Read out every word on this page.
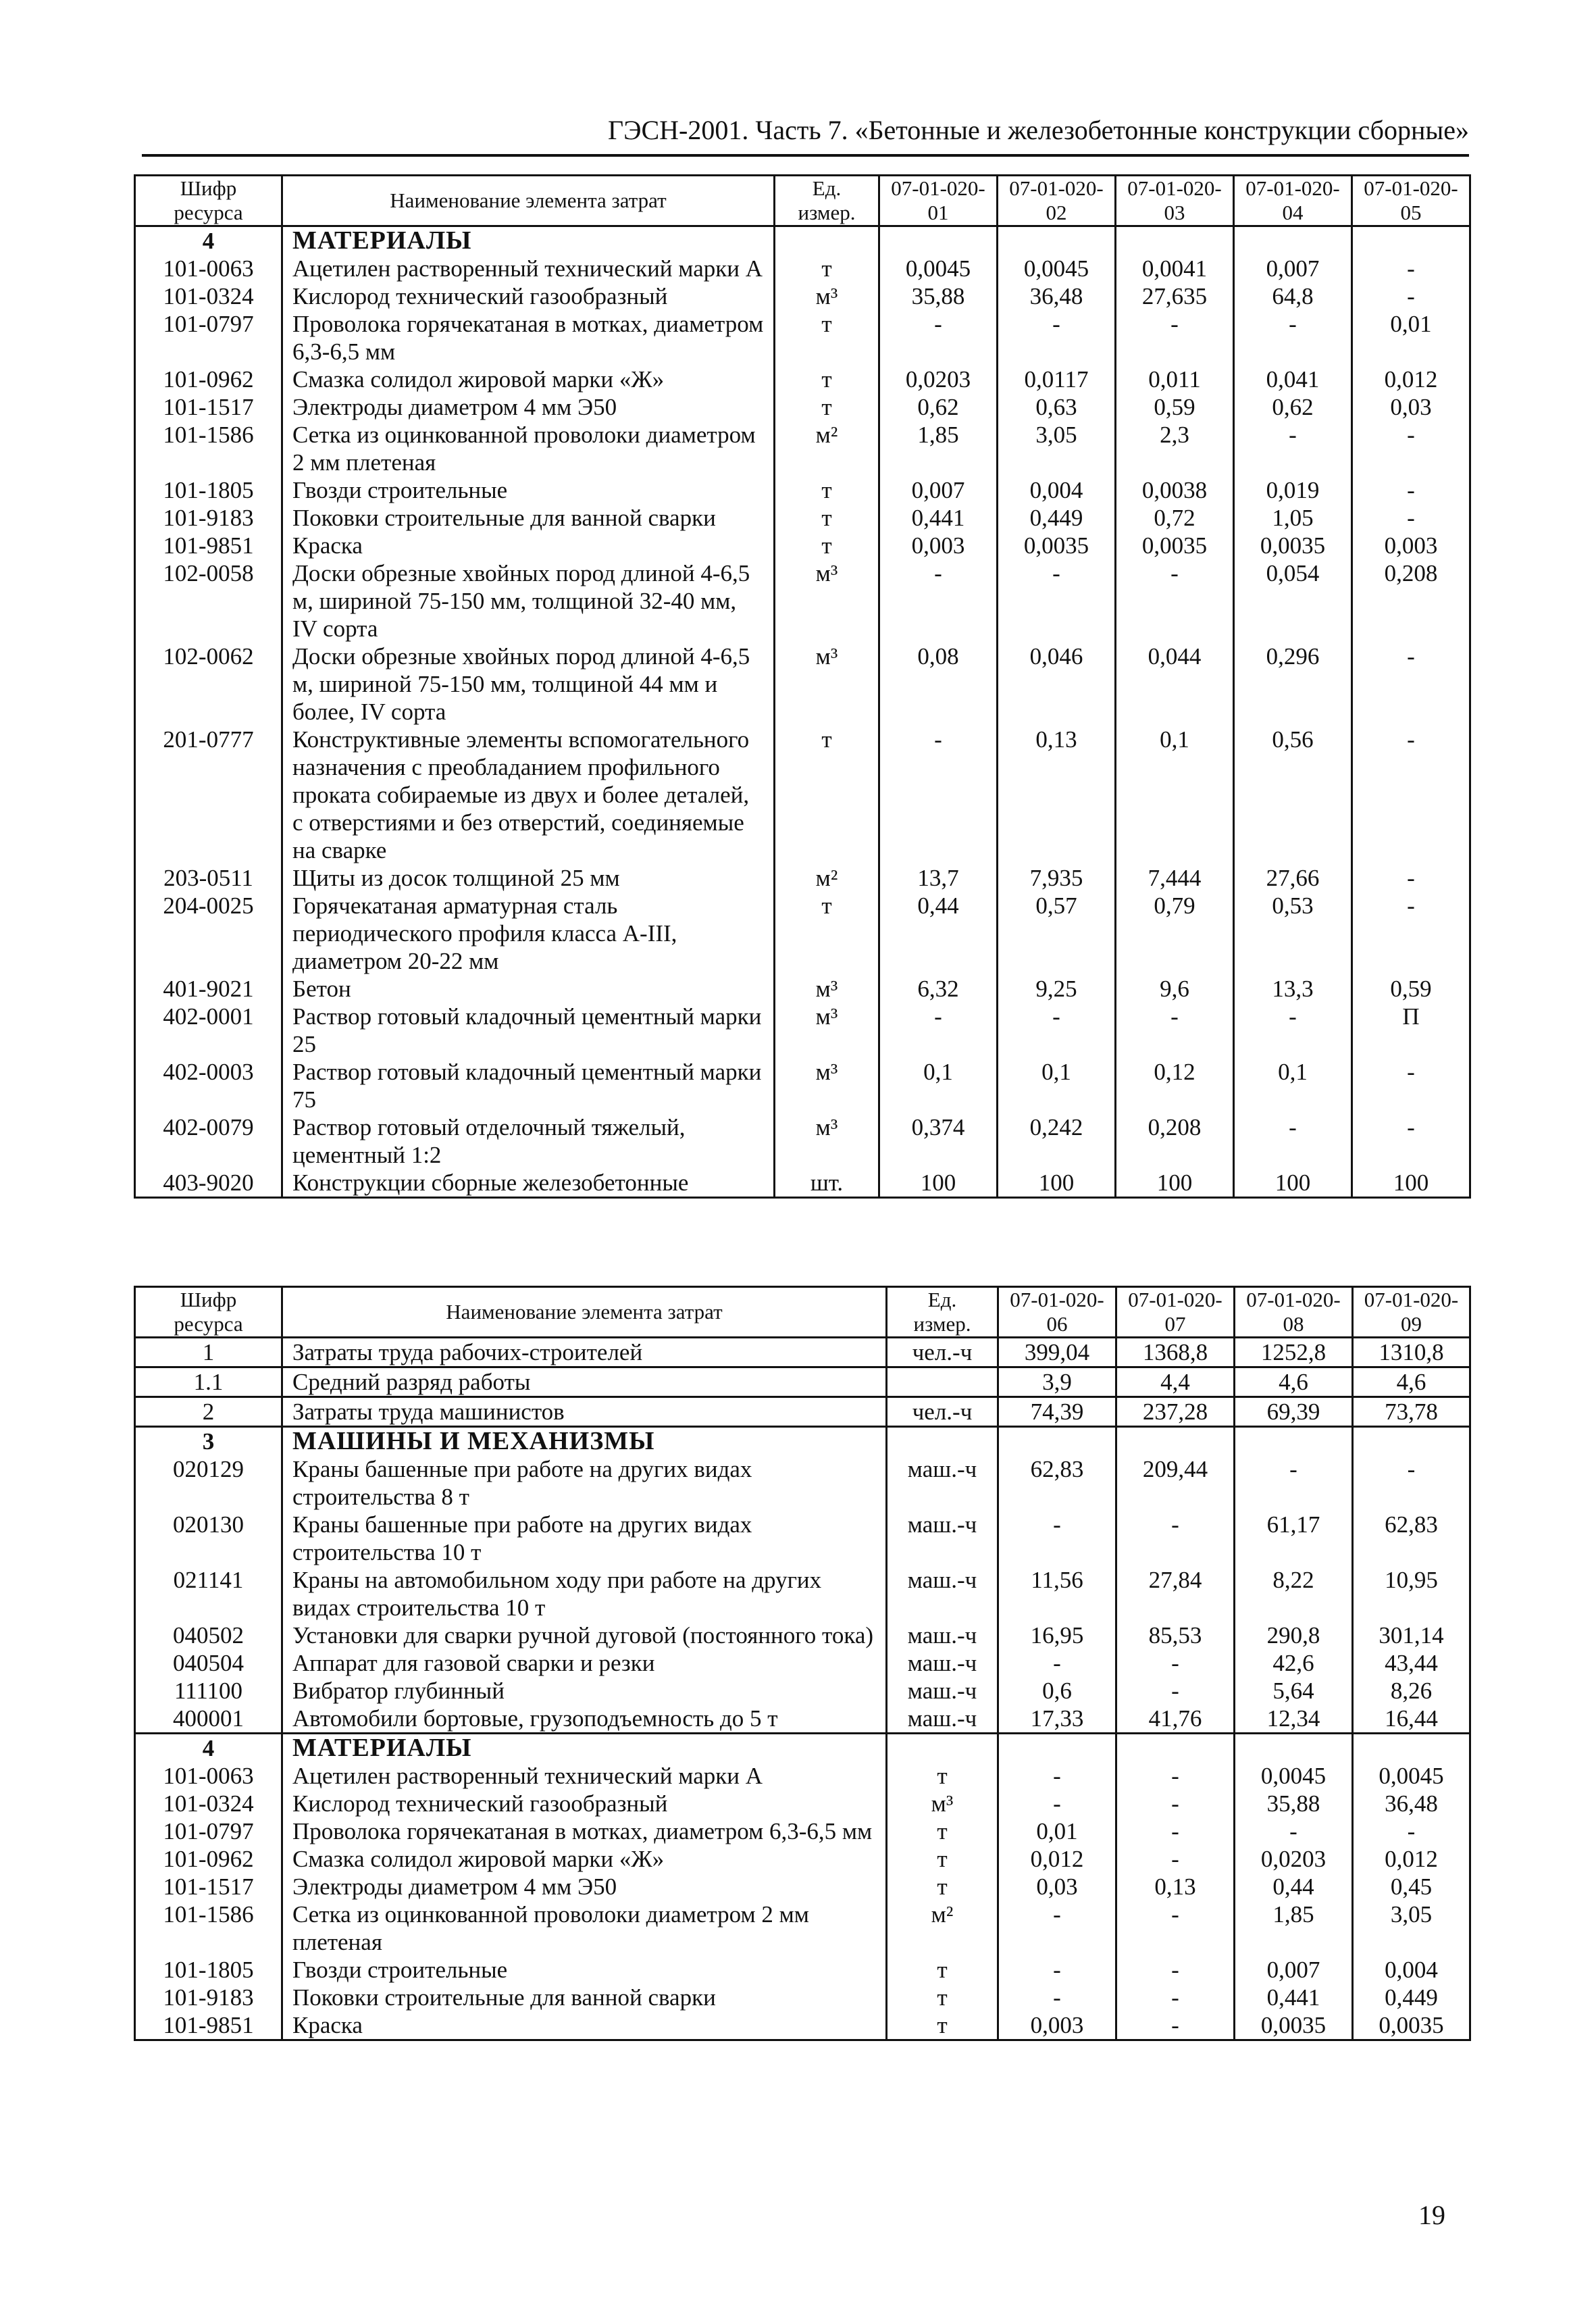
ГЭСН-2001. Часть 7. «Бетонные и железобетонные конструкции сборные»
Шифр ресурса	Наименование элемента затрат	Ед. измер.	07-01-020-01	07-01-020-02	07-01-020-03	07-01-020-04	07-01-020-05
4	МАТЕРИАЛЫ						
101-0063	Ацетилен растворенный технический марки А	т	0,0045	0,0045	0,0041	0,007	-
101-0324	Кислород технический газообразный	м³	35,88	36,48	27,635	64,8	-
101-0797	Проволока горячекатаная в мотках, диаметром 6,3-6,5 мм	т	-	-	-	-	0,01
101-0962	Смазка солидол жировой марки «Ж»	т	0,0203	0,0117	0,011	0,041	0,012
101-1517	Электроды диаметром 4 мм Э50	т	0,62	0,63	0,59	0,62	0,03
101-1586	Сетка из оцинкованной проволоки диаметром 2 мм плетеная	м²	1,85	3,05	2,3	-	-
101-1805	Гвозди строительные	т	0,007	0,004	0,0038	0,019	-
101-9183	Поковки строительные для ванной сварки	т	0,441	0,449	0,72	1,05	-
101-9851	Краска	т	0,003	0,0035	0,0035	0,0035	0,003
102-0058	Доски обрезные хвойных пород длиной 4-6,5 м, шириной 75-150 мм, толщиной 32-40 мм, IV сорта	м³	-	-	-	0,054	0,208
102-0062	Доски обрезные хвойных пород длиной 4-6,5 м, шириной 75-150 мм, толщиной 44 мм и более, IV сорта	м³	0,08	0,046	0,044	0,296	-
201-0777	Конструктивные элементы вспомогательного назначения с преобладанием профильного проката собираемые из двух и более деталей, с отверстиями и без отверстий, соединяемые на сварке	т	-	0,13	0,1	0,56	-
203-0511	Щиты из досок толщиной 25 мм	м²	13,7	7,935	7,444	27,66	-
204-0025	Горячекатаная арматурная сталь периодического профиля класса A-III, диаметром 20-22 мм	т	0,44	0,57	0,79	0,53	-
401-9021	Бетон	м³	6,32	9,25	9,6	13,3	0,59
402-0001	Раствор готовый кладочный цементный марки 25	м³	-	-	-	-	П
402-0003	Раствор готовый кладочный цементный марки 75	м³	0,1	0,1	0,12	0,1	-
402-0079	Раствор готовый отделочный тяжелый, цементный 1:2	м³	0,374	0,242	0,208	-	-
403-9020	Конструкции сборные железобетонные	шт.	100	100	100	100	100
Шифр ресурса	Наименование элемента затрат	Ед. измер.	07-01-020-06	07-01-020-07	07-01-020-08	07-01-020-09
1	Затраты труда рабочих-строителей	чел.-ч	399,04	1368,8	1252,8	1310,8
1.1	Средний разряд работы		3,9	4,4	4,6	4,6
2	Затраты труда машинистов	чел.-ч	74,39	237,28	69,39	73,78
3	МАШИНЫ И МЕХАНИЗМЫ					
020129	Краны башенные при работе на других видах строительства 8 т	маш.-ч	62,83	209,44	-	-
020130	Краны башенные при работе на других видах строительства 10 т	маш.-ч	-	-	61,17	62,83
021141	Краны на автомобильном ходу при работе на других видах строительства 10 т	маш.-ч	11,56	27,84	8,22	10,95
040502	Установки для сварки ручной дуговой (постоянного тока)	маш.-ч	16,95	85,53	290,8	301,14
040504	Аппарат для газовой сварки и резки	маш.-ч	-	-	42,6	43,44
111100	Вибратор глубинный	маш.-ч	0,6	-	5,64	8,26
400001	Автомобили бортовые, грузоподъемность до 5 т	маш.-ч	17,33	41,76	12,34	16,44
4	МАТЕРИАЛЫ					
101-0063	Ацетилен растворенный технический марки А	т	-	-	0,0045	0,0045
101-0324	Кислород технический газообразный	м³	-	-	35,88	36,48
101-0797	Проволока горячекатаная в мотках, диаметром 6,3-6,5 мм	т	0,01	-	-	-
101-0962	Смазка солидол жировой марки «Ж»	т	0,012	-	0,0203	0,012
101-1517	Электроды диаметром 4 мм Э50	т	0,03	0,13	0,44	0,45
101-1586	Сетка из оцинкованной проволоки диаметром 2 мм плетеная	м²	-	-	1,85	3,05
101-1805	Гвозди строительные	т	-	-	0,007	0,004
101-9183	Поковки строительные для ванной сварки	т	-	-	0,441	0,449
101-9851	Краска	т	0,003	-	0,0035	0,0035
19
